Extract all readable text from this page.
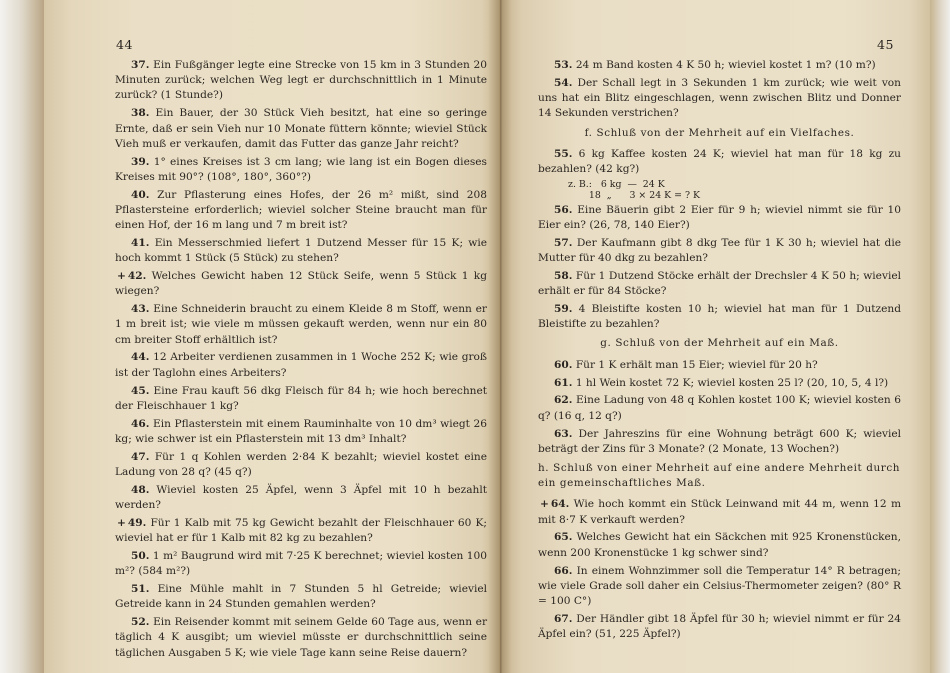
44

37. Ein Fußgänger legte eine Strecke von 15 km in 3 Stunden 20 Minuten zurück; welchen Weg legt er durchschnittlich in 1 Minute zurück? (1 Stunde?)

38. Ein Bauer, der 30 Stück Vieh besitzt, hat eine so geringe Ernte, daß er sein Vieh nur 10 Monate füttern könnte; wieviel Stück Vieh muß er verkaufen, damit das Futter das ganze Jahr reicht?

39. 1° eines Kreises ist 3 cm lang; wie lang ist ein Bogen dieses Kreises mit 90°? (108°, 180°, 360°?)

40. Zur Pflasterung eines Hofes, der 26 m² mißt, sind 208 Pflastersteine erforderlich; wieviel solcher Steine braucht man für einen Hof, der 16 m lang und 7 m breit ist?

41. Ein Messerschmied liefert 1 Dutzend Messer für 15 K; wie hoch kommt 1 Stück (5 Stück) zu stehen?

+ 42. Welches Gewicht haben 12 Stück Seife, wenn 5 Stück 1 kg wiegen?

43. Eine Schneiderin braucht zu einem Kleide 8 m Stoff, wenn er 1 m breit ist; wie viele m müssen gekauft werden, wenn nur ein 80 cm breiter Stoff erhältlich ist?

44. 12 Arbeiter verdienen zusammen in 1 Woche 252 K; wie groß ist der Taglohn eines Arbeiters?

45. Eine Frau kauft 56 dkg Fleisch für 84 h; wie hoch berechnet der Fleischhauer 1 kg?

46. Ein Pflasterstein mit einem Rauminhalte von 10 dm³ wiegt 26 kg; wie schwer ist ein Pflasterstein mit 13 dm³ Inhalt?

47. Für 1 q Kohlen werden 2·84 K bezahlt; wieviel kostet eine Ladung von 28 q? (45 q?)

48. Wieviel kosten 25 Äpfel, wenn 3 Äpfel mit 10 h bezahlt werden?

+ 49. Für 1 Kalb mit 75 kg Gewicht bezahlt der Fleischhauer 60 K; wieviel hat er für 1 Kalb mit 82 kg zu bezahlen?

50. 1 m² Baugrund wird mit 7·25 K berechnet; wieviel kosten 100 m²? (584 m²?)

51. Eine Mühle mahlt in 7 Stunden 5 hl Getreide; wieviel Getreide kann in 24 Stunden gemahlen werden?

52. Ein Reisender kommt mit seinem Gelde 60 Tage aus, wenn er täglich 4 K ausgibt; um wieviel müsste er durchschnittlich seine täglichen Ausgaben 5 K; wie viele Tage kann seine Reise dauern?

45

53. 24 m Band kosten 4 K 50 h; wieviel kostet 1 m? (10 m?)

54. Der Schall legt in 3 Sekunden 1 km zurück; wie weit von uns hat ein Blitz eingeschlagen, wenn zwischen Blitz und Donner 14 Sekunden verstrichen?

f. Schluß von der Mehrheit auf ein Vielfaches.

55. 6 kg Kaffee kosten 24 K; wieviel hat man für 18 kg zu bezahlen? (42 kg?)

z. B.:   6 kg  —  24 K
18  „      3 × 24 K = ? K

56. Eine Bäuerin gibt 2 Eier für 9 h; wieviel nimmt sie für 10 Eier ein? (26, 78, 140 Eier?)

57. Der Kaufmann gibt 8 dkg Tee für 1 K 30 h; wieviel hat die Mutter für 40 dkg zu bezahlen?

58. Für 1 Dutzend Stöcke erhält der Drechsler 4 K 50 h; wieviel erhält er für 84 Stöcke?

59. 4 Bleistifte kosten 10 h; wieviel hat man für 1 Dutzend Bleistifte zu bezahlen?

g. Schluß von der Mehrheit auf ein Maß.

60. Für 1 K erhält man 15 Eier; wieviel für 20 h?

61. 1 hl Wein kostet 72 K; wieviel kosten 25 l? (20, 10, 5, 4 l?)

62. Eine Ladung von 48 q Kohlen kostet 100 K; wieviel kosten 6 q? (16 q, 12 q?)

63. Der Jahreszins für eine Wohnung beträgt 600 K; wieviel beträgt der Zins für 3 Monate? (2 Monate, 13 Wochen?)

h. Schluß von einer Mehrheit auf eine andere Mehrheit durch ein gemeinschaftliches Maß.

+ 64. Wie hoch kommt ein Stück Leinwand mit 44 m, wenn 12 m mit 8·7 K verkauft werden?

65. Welches Gewicht hat ein Säckchen mit 925 Kronenstücken, wenn 200 Kronenstücke 1 kg schwer sind?

66. In einem Wohnzimmer soll die Temperatur 14° R betragen; wie viele Grade soll daher ein Celsius-Thermometer zeigen? (80° R = 100 C°)

67. Der Händler gibt 18 Äpfel für 30 h; wieviel nimmt er für 24 Äpfel ein? (51, 225 Äpfel?)
